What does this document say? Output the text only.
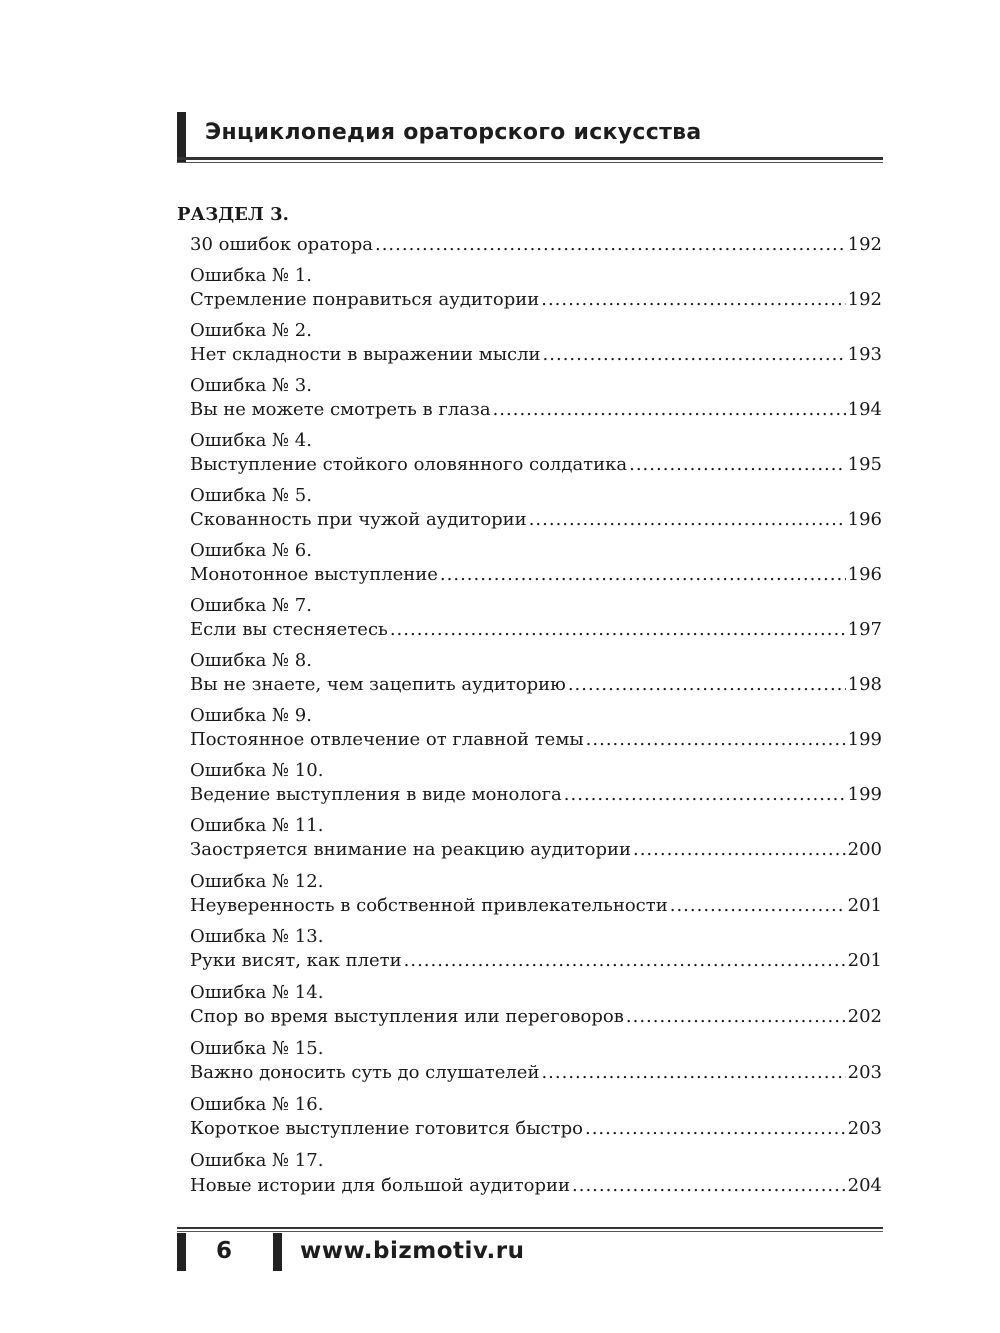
Энциклопедия ораторского искусства
РАЗДЕЛ 3.
30 ошибок оратора .....	192
Ошибка № 1.
Стремление понравиться аудитории .....	192
Ошибка № 2.
Нет складности в выражении мысли .....	193
Ошибка № 3.
Вы не можете смотреть в глаза .....	194
Ошибка № 4.
Выступление стойкого оловянного солдатика .....	195
Ошибка № 5.
Скованность при чужой аудитории .....	196
Ошибка № 6.
Монотонное выступление .....	196
Ошибка № 7.
Если вы стесняетесь .....	197
Ошибка № 8.
Вы не знаете, чем зацепить аудиторию .....	198
Ошибка № 9.
Постоянное отвлечение от главной темы .....	199
Ошибка № 10.
Ведение выступления в виде монолога .....	199
Ошибка № 11.
Заостряется внимание на реакцию аудитории .....	200
Ошибка № 12.
Неуверенность в собственной привлекательности .....	201
Ошибка № 13.
Руки висят, как плети .....	201
Ошибка № 14.
Спор во время выступления или переговоров .....	202
Ошибка № 15.
Важно доносить суть до слушателей .....	203
Ошибка № 16.
Короткое выступление готовится быстро .....	203
Ошибка № 17.
Новые истории для большой аудитории .....	204
6	www.bizmotiv.ru
